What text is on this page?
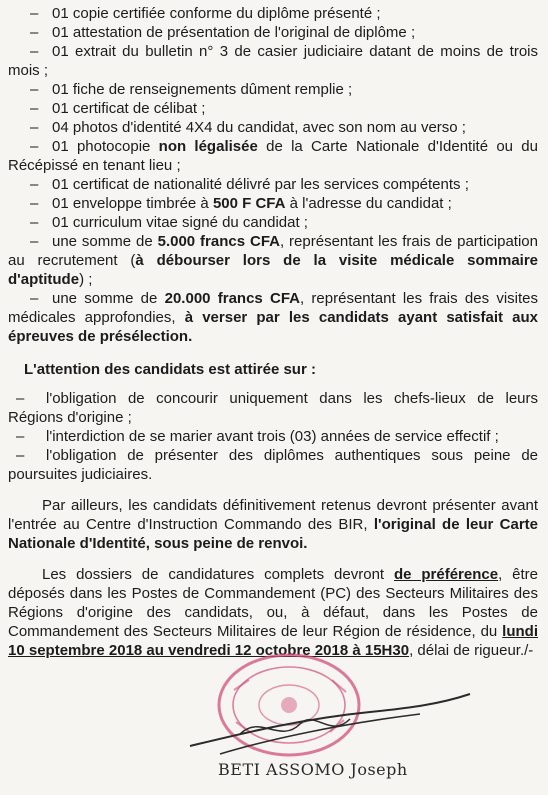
– 01 copie certifiée conforme du diplôme présenté ;
– 01 attestation de présentation de l'original de diplôme ;
– 01 extrait du bulletin n° 3 de casier judiciaire datant de moins de trois mois ;
– 01 fiche de renseignements dûment remplie ;
– 01 certificat de célibat ;
– 04 photos d'identité 4X4 du candidat, avec son nom au verso ;
– 01 photocopie non légalisée de la Carte Nationale d'Identité ou du Récépissé en tenant lieu ;
– 01 certificat de nationalité délivré par les services compétents ;
– 01 enveloppe timbrée à 500 F CFA à l'adresse du candidat ;
– 01 curriculum vitae signé du candidat ;
– une somme de 5.000 francs CFA, représentant les frais de participation au recrutement (à débourser lors de la visite médicale sommaire d'aptitude) ;
– une somme de 20.000 francs CFA, représentant les frais des visites médicales approfondies, à verser par les candidats ayant satisfait aux épreuves de présélection.
L'attention des candidats est attirée sur :
– l'obligation de concourir uniquement dans les chefs-lieux de leurs Régions d'origine ;
– l'interdiction de se marier avant trois (03) années de service effectif ;
– l'obligation de présenter des diplômes authentiques sous peine de poursuites judiciaires.
Par ailleurs, les candidats définitivement retenus devront présenter avant l'entrée au Centre d'Instruction Commando des BIR, l'original de leur Carte Nationale d'Identité, sous peine de renvoi.
Les dossiers de candidatures complets devront de préférence, être déposés dans les Postes de Commandement (PC) des Secteurs Militaires des Régions d'origine des candidats, ou, à défaut, dans les Postes de Commandement des Secteurs Militaires de leur Région de résidence, du lundi 10 septembre 2018 au vendredi 12 octobre 2018 à 15H30, délai de rigueur./-
BETI ASSOMO Joseph
